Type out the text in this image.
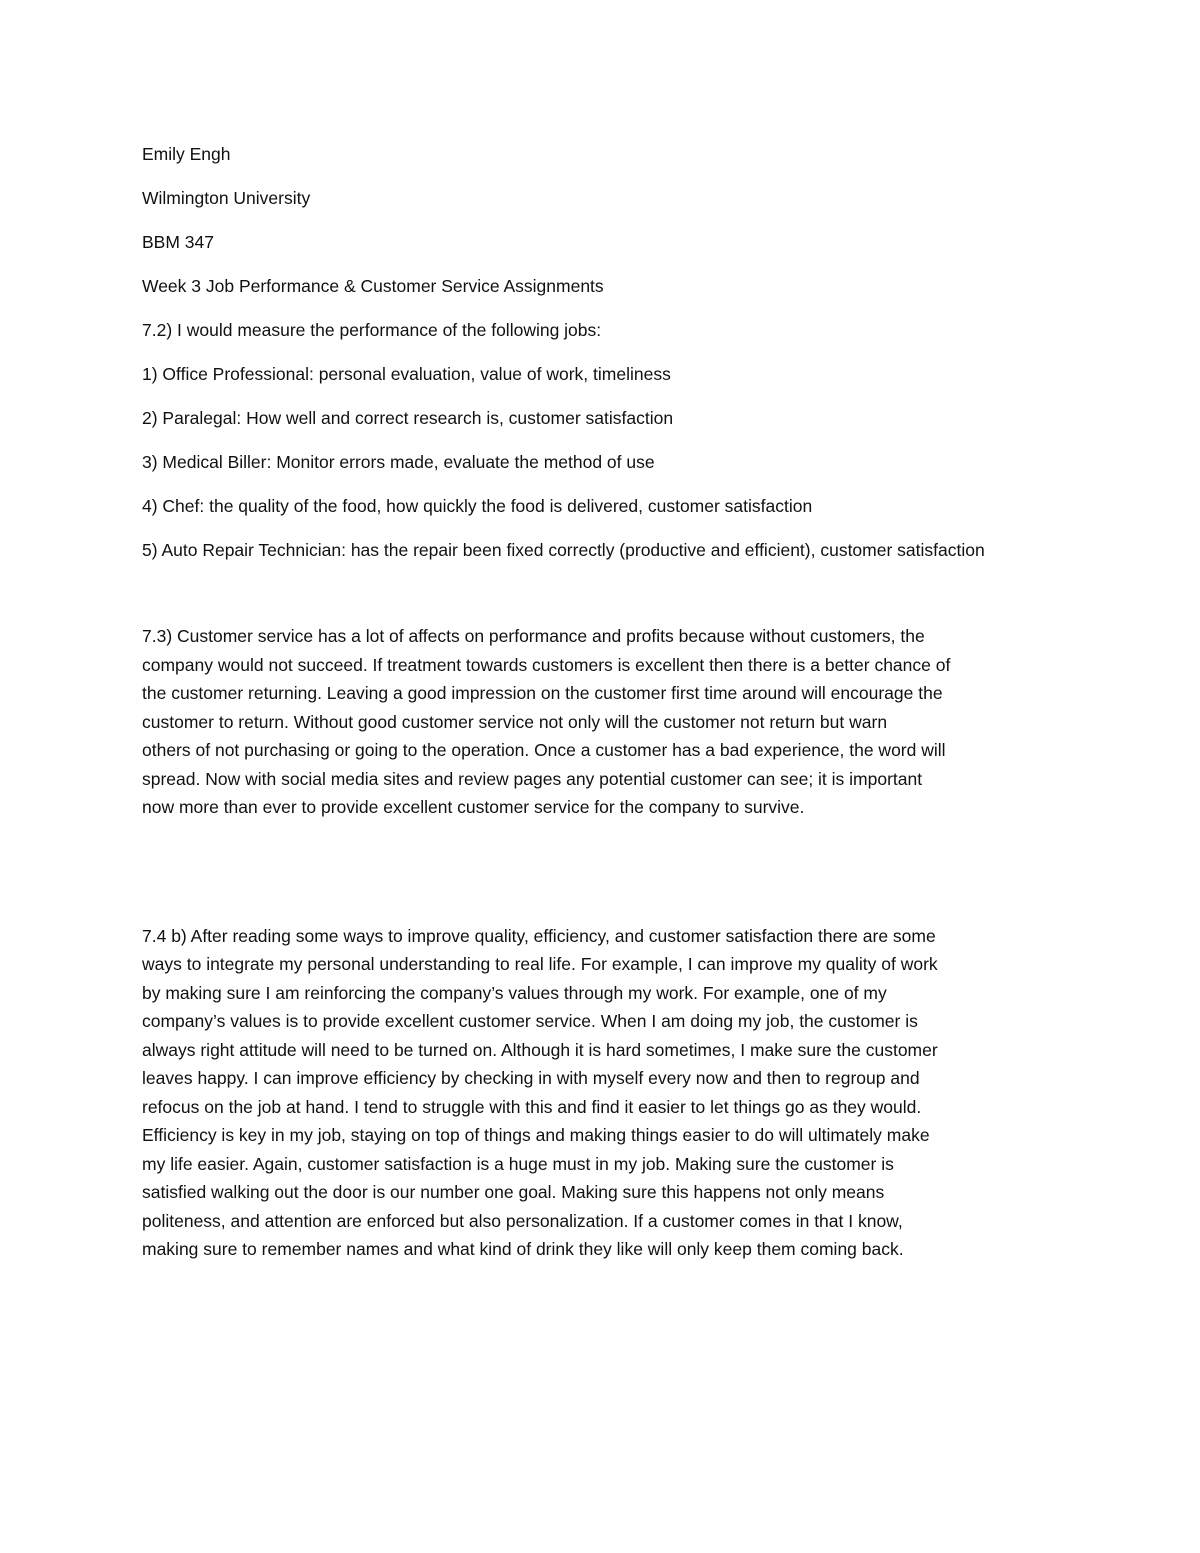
Emily Engh
Wilmington University
BBM 347
Week 3 Job Performance & Customer Service Assignments
7.2) I would measure the performance of the following jobs:
1) Office Professional: personal evaluation, value of work, timeliness
2) Paralegal: How well and correct research is, customer satisfaction
3) Medical Biller: Monitor errors made, evaluate the method of use
4) Chef: the quality of the food, how quickly the food is delivered, customer satisfaction
5) Auto Repair Technician: has the repair been fixed correctly (productive and efficient), customer satisfaction
7.3) Customer service has a lot of affects on performance and profits because without customers, the
company would not succeed. If treatment towards customers is excellent then there is a better chance of
the customer returning. Leaving a good impression on the customer first time around will encourage the
customer to return. Without good customer service not only will the customer not return but warn
others of not purchasing or going to the operation. Once a customer has a bad experience, the word will
spread. Now with social media sites and review pages any potential customer can see; it is important
now more than ever to provide excellent customer service for the company to survive.
7.4 b) After reading some ways to improve quality, efficiency, and customer satisfaction there are some
ways to integrate my personal understanding to real life. For example, I can improve my quality of work
by making sure I am reinforcing the company’s values through my work. For example, one of my
company’s values is to provide excellent customer service. When I am doing my job, the customer is
always right attitude will need to be turned on. Although it is hard sometimes, I make sure the customer
leaves happy. I can improve efficiency by checking in with myself every now and then to regroup and
refocus on the job at hand. I tend to struggle with this and find it easier to let things go as they would.
Efficiency is key in my job, staying on top of things and making things easier to do will ultimately make
my life easier. Again, customer satisfaction is a huge must in my job. Making sure the customer is
satisfied walking out the door is our number one goal. Making sure this happens not only means
politeness, and attention are enforced but also personalization. If a customer comes in that I know,
making sure to remember names and what kind of drink they like will only keep them coming back.
